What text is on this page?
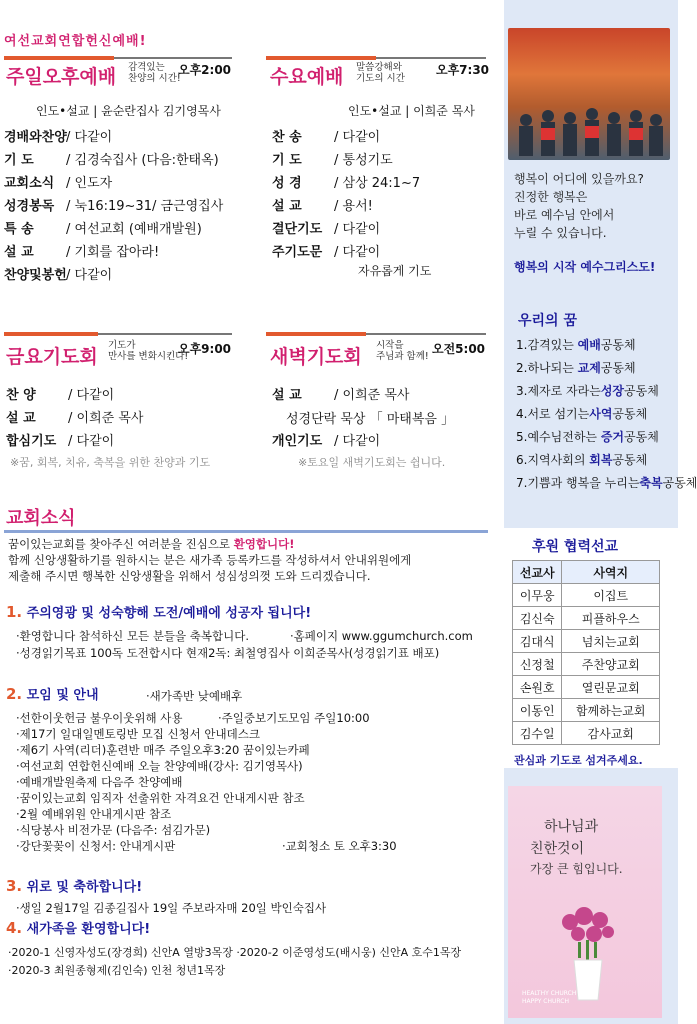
여선교회연합헌신예배!
주일오후예배 감격있는
찬양의 시간!
오후2:00
인도•설교 | 윤순란집사 김기영목사
경배와찬양/ 다같이
기 도 / 김경숙집사 (다음:한태옥)
교회소식 / 인도자
성경봉독 / 눅16:19~31/ 금근영집사
특 송 / 여선교회 (예배개발원)
설 교 / 기회를 잡아라!
찬양및봉헌/ 다같이
수요예배 말씀강해와
기도의 시간
오후7:30
인도•설교 | 이희준 목사
찬 송 / 다같이
기 도 / 통성기도
성 경 / 삼상 24:1~7
설 교 / 용서!
결단기도 / 다같이
주기도문 / 다같이
자유롭게 기도
금요기도회
기도가
만사를 변화시킨다!
오후9:00
찬 양 / 다같이
설 교 / 이희준 목사
합심기도 / 다같이
※꿈, 회복, 치유, 축복을 위한 찬양과 기도
새벽기도회
시작을
주님과 함께!
오전5:00
설 교 / 이희준 목사
성경단락 묵상 「 마태복음 」
개인기도 / 다같이
※토요일 새벽기도회는 쉽니다.
교회소식
꿈이있는교회를 찾아주신 여러분을 진심으로 환영합니다!
함께 신앙생활하기를 원하시는 분은 새가족 등록카드를 작성하셔서 안내위원에게
제출해 주시면 행복한 신앙생활을 위해서 성심성의껏 도와 드리겠습니다.
1. 주의영광 및 성숙향해 도전/예배에 성공자 됩니다!
·환영합니다 참석하신 모든 분들을 축복합니다.	·홈페이지 www.ggumchurch.com
·성경읽기목표 100독 도전합시다 현재2독: 최철영집사 이희준목사(성경읽기표 배포)
2. 모임 및 안내	·새가족반 낮예배후
·선한이웃헌금 불우이웃위해 사용
·제17기 일대일멘토링반 모집 신청서 안내데스크
·제6기 사역(리더)훈련반 매주 주일오후3:20 꿈이있는카페
·여선교회 연합헌신예배 오늘 찬양예배(강사: 김기영목사)
·예배개발원축제 다음주 찬양예배
·꿈이있는교회 임직자 선출위한 자격요건 안내게시판 참조
·2월 예배위원 안내게시판 참조
·식당봉사 비전가문 (다음주: 섬김가문)
·강단꽃꽂이 신청서: 안내게시판
·주일중보기도모임 주일10:00
·교회청소 토 오후3:30
3. 위로 및 축하합니다!
·생일 2월17일 김종길집사 19일 주보라자매 20일 박인숙집사
4. 새가족을 환영합니다!
·2020-1 신영자성도(장경희) 신안A 열방3목장 ·2020-2 이준영성도(배시웅) 신안A 호수1목장
·2020-3 최원종형제(김인숙) 인천 청년1목장
행복이 어디에 있을까요?
진정한 행복은
바로 예수님 안에서
누릴 수 있습니다.
행복의 시작 예수그리스도!
우리의 꿈
1.감격있는 예배공동체
2.하나되는 교제공동체
3.제자로 자라는성장공동체
4.서로 섬기는사역공동체
5.예수님전하는 증거공동체
6.지역사회의 회복공동체
7.기쁨과 행복을 누리는축복공동체
후원 협력선교
선교사	사역지
이무웅	이집트
김신숙	피플하우스
김대식	넘치는교회
신정철	주찬양교회
손원호	열린문교회
이동인	함께하는교회
김수일	감사교회
관심과 기도로 섬겨주세요.
하나님과
친한것이
가장 큰 힘입니다.
HEALTHY CHURCH
HAPPY CHURCH
